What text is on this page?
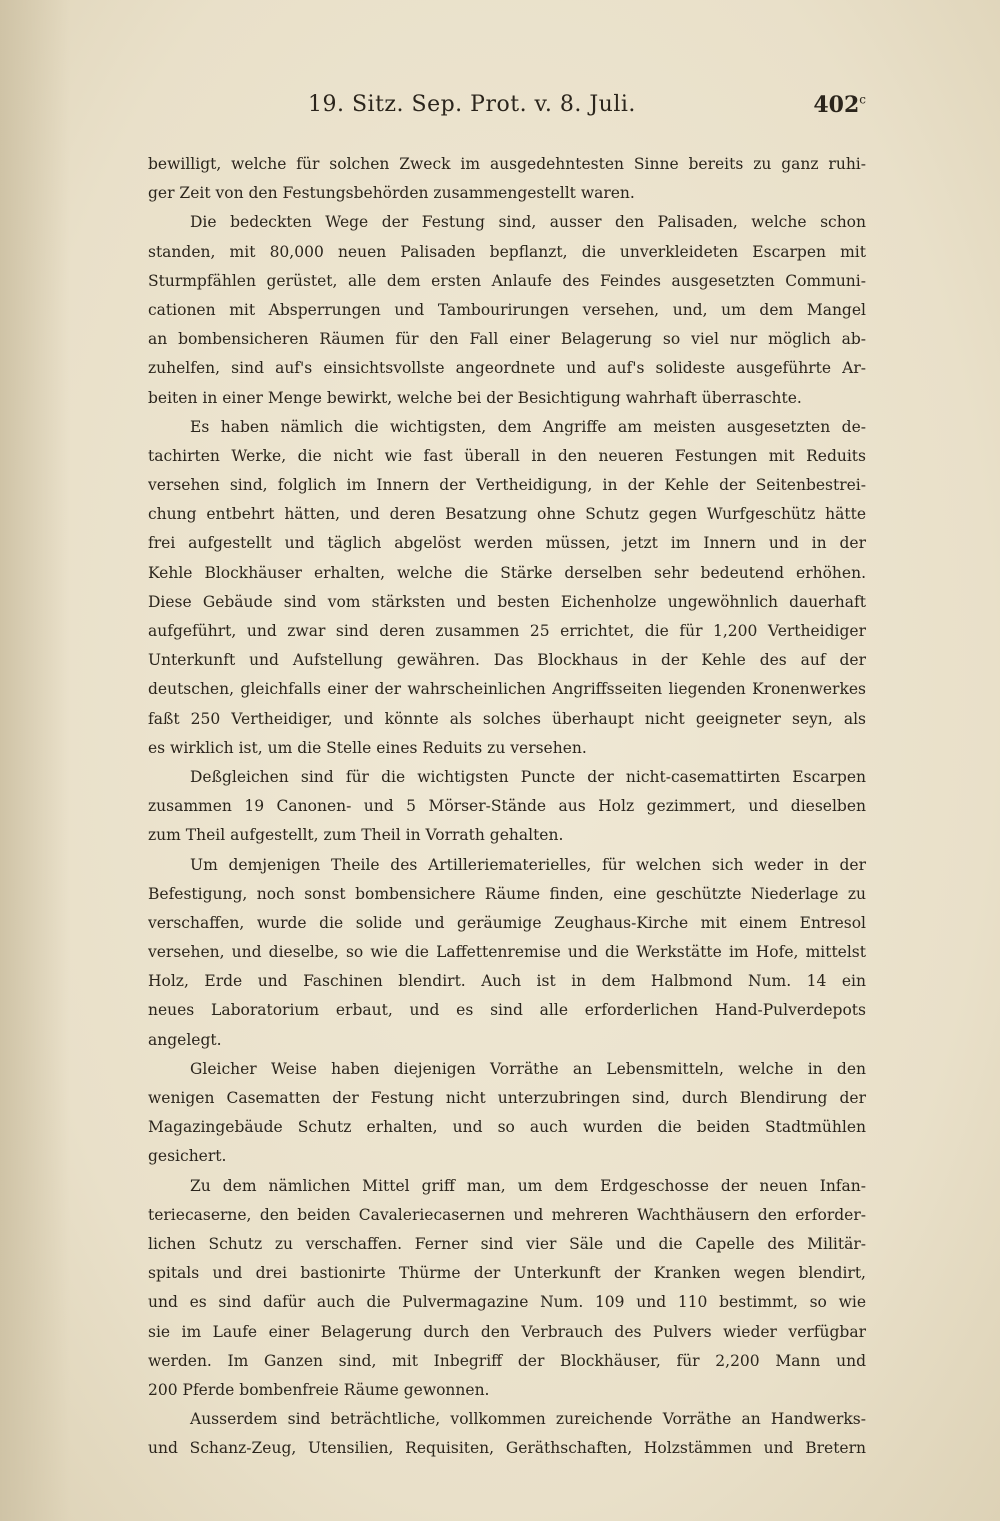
19. Sitz. Sep. Prot. v. 8. Juli.	402$^c$
bewilligt, welche für solchen Zweck im ausgedehntesten Sinne bereits zu ganz ruhi-
ger Zeit von den Festungsbehörden zusammengestellt waren.
Die bedeckten Wege der Festung sind, ausser den Palisaden, welche schon
standen, mit 80,000 neuen Palisaden bepflanzt, die unverkleideten Escarpen mit
Sturmpfählen gerüstet, alle dem ersten Anlaufe des Feindes ausgesetzten Communi-
cationen mit Absperrungen und Tambourirungen versehen, und, um dem Mangel
an bombensicheren Räumen für den Fall einer Belagerung so viel nur möglich ab-
zuhelfen, sind auf's einsichtsvollste angeordnete und auf's solideste ausgeführte Ar-
beiten in einer Menge bewirkt, welche bei der Besichtigung wahrhaft überraschte.
Es haben nämlich die wichtigsten, dem Angriffe am meisten ausgesetzten de-
tachirten Werke, die nicht wie fast überall in den neueren Festungen mit Reduits
versehen sind, folglich im Innern der Vertheidigung, in der Kehle der Seitenbestrei-
chung entbehrt hätten, und deren Besatzung ohne Schutz gegen Wurfgeschütz hätte
frei aufgestellt und täglich abgelöst werden müssen, jetzt im Innern und in der
Kehle Blockhäuser erhalten, welche die Stärke derselben sehr bedeutend erhöhen.
Diese Gebäude sind vom stärksten und besten Eichenholze ungewöhnlich dauerhaft
aufgeführt, und zwar sind deren zusammen 25 errichtet, die für 1,200 Vertheidiger
Unterkunft und Aufstellung gewähren. Das Blockhaus in der Kehle des auf der
deutschen, gleichfalls einer der wahrscheinlichen Angriffsseiten liegenden Kronenwerkes
faßt 250 Vertheidiger, und könnte als solches überhaupt nicht geeigneter seyn, als
es wirklich ist, um die Stelle eines Reduits zu versehen.
Deßgleichen sind für die wichtigsten Puncte der nicht-casemattirten Escarpen
zusammen 19 Canonen- und 5 Mörser-Stände aus Holz gezimmert, und dieselben
zum Theil aufgestellt, zum Theil in Vorrath gehalten.
Um demjenigen Theile des Artilleriematerielles, für welchen sich weder in der
Befestigung, noch sonst bombensichere Räume finden, eine geschützte Niederlage zu
verschaffen, wurde die solide und geräumige Zeughaus-Kirche mit einem Entresol
versehen, und dieselbe, so wie die Laffettenremise und die Werkstätte im Hofe, mittelst
Holz, Erde und Faschinen blendirt. Auch ist in dem Halbmond Num. 14 ein
neues Laboratorium erbaut, und es sind alle erforderlichen Hand-Pulverdepots
angelegt.
Gleicher Weise haben diejenigen Vorräthe an Lebensmitteln, welche in den
wenigen Casematten der Festung nicht unterzubringen sind, durch Blendirung der
Magazingebäude Schutz erhalten, und so auch wurden die beiden Stadtmühlen
gesichert.
Zu dem nämlichen Mittel griff man, um dem Erdgeschosse der neuen Infan-
teriecaserne, den beiden Cavaleriecasernen und mehreren Wachthäusern den erforder-
lichen Schutz zu verschaffen. Ferner sind vier Säle und die Capelle des Militär-
spitals und drei bastionirte Thürme der Unterkunft der Kranken wegen blendirt,
und es sind dafür auch die Pulvermagazine Num. 109 und 110 bestimmt, so wie
sie im Laufe einer Belagerung durch den Verbrauch des Pulvers wieder verfügbar
werden. Im Ganzen sind, mit Inbegriff der Blockhäuser, für 2,200 Mann und
200 Pferde bombenfreie Räume gewonnen.
Ausserdem sind beträchtliche, vollkommen zureichende Vorräthe an Handwerks-
und Schanz-Zeug, Utensilien, Requisiten, Geräthschaften, Holzstämmen und Bretern
